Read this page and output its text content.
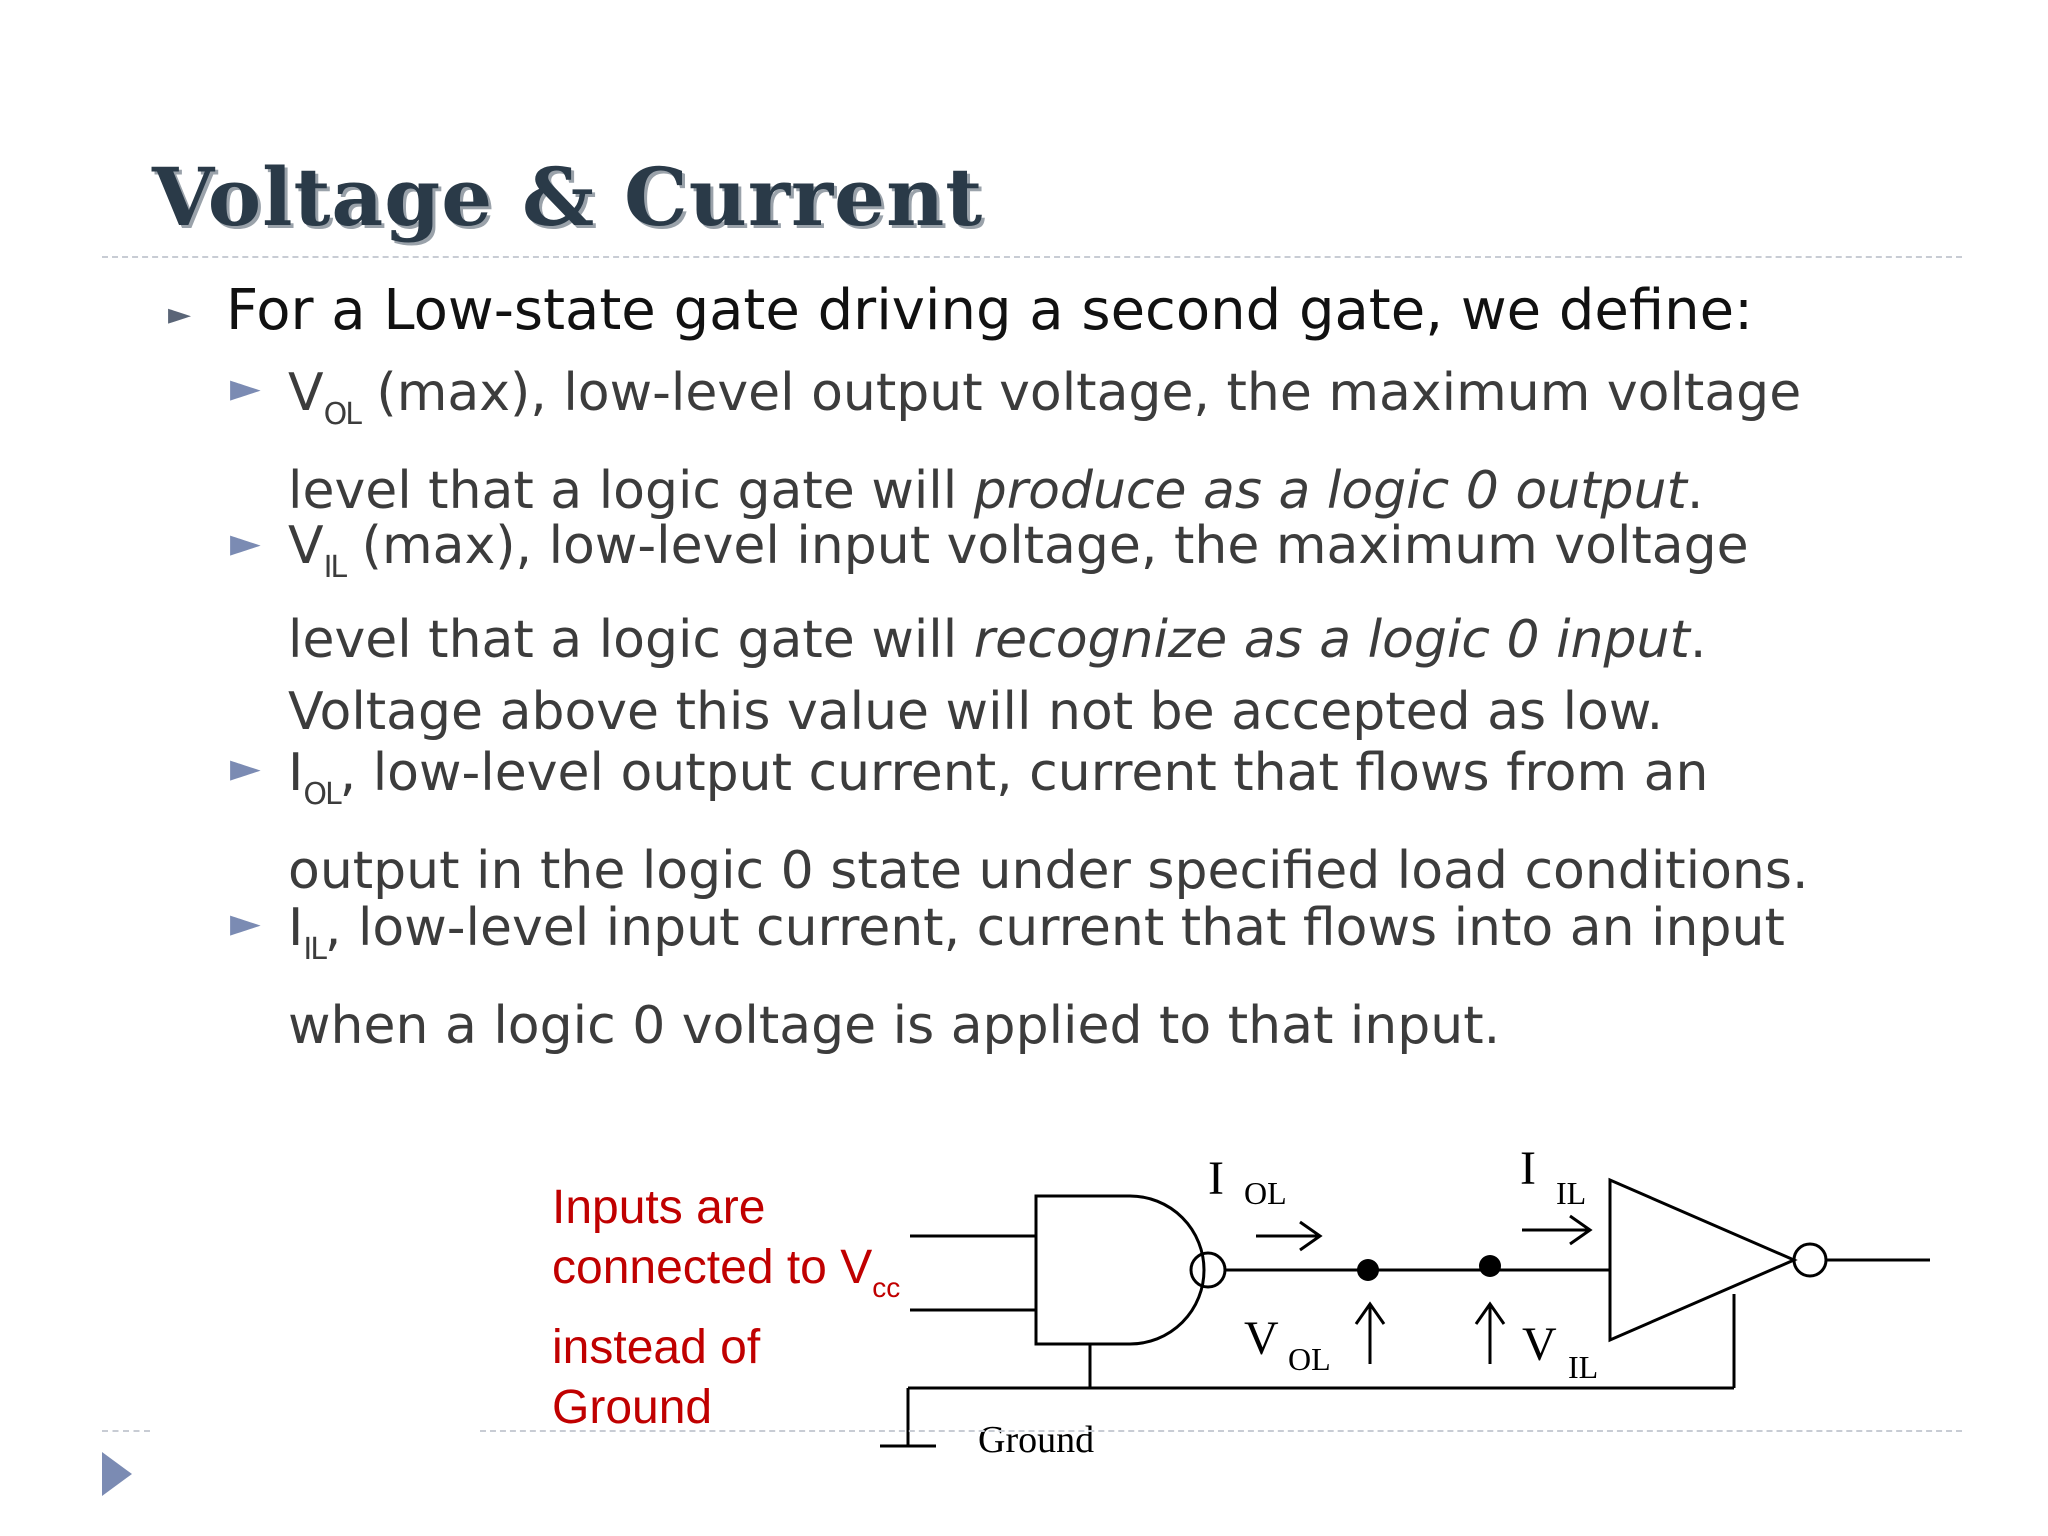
Voltage & Current
► For a Low-state gate driving a second gate, we define:

► $V_{OL}$ (max), low-level output voltage, the maximum voltage
level that a logic gate will produce as a logic 0 output.

► $V_{IL}$ (max), low-level input voltage, the maximum voltage
level that a logic gate will recognize as a logic 0 input.
Voltage above this value will not be accepted as low.

► $I_{OL}$, low-level output current, current that flows from an
output in the logic 0 state under specified load conditions.

► $I_{IL}$, low-level input current, current that flows into an input
when a logic 0 voltage is applied to that input.

Inputs are
connected to $V_{cc}$
instead of
Ground
I OL	I IL
V OL	V IL
Ground
